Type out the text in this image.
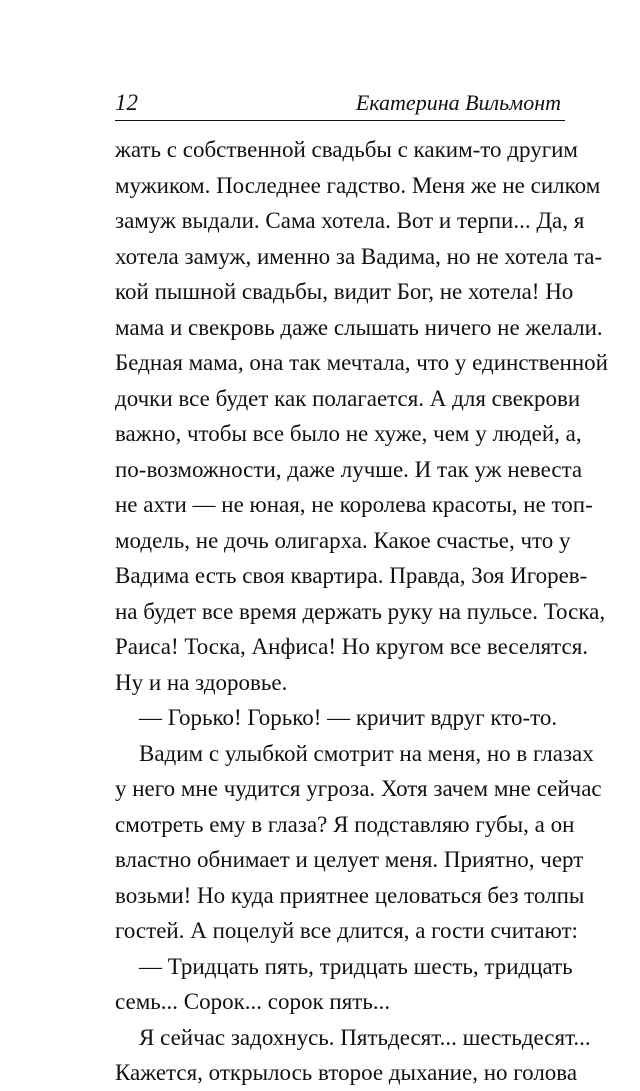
12	Екатерина Вильмонт
жать с собственной свадьбы с каким-то другим
мужиком. Последнее гадство. Меня же не силком
замуж выдали. Сама хотела. Вот и терпи... Да, я
хотела замуж, именно за Вадима, но не хотела та-
кой пышной свадьбы, видит Бог, не хотела! Но
мама и свекровь даже слышать ничего не желали.
Бедная мама, она так мечтала, что у единственной
дочки все будет как полагается. А для свекрови
важно, чтобы все было не хуже, чем у людей, а,
по-возможности, даже лучше. И так уж невеста
не ахти — не юная, не королева красоты, не топ-
модель, не дочь олигарха. Какое счастье, что у
Вадима есть своя квартира. Правда, Зоя Игорев-
на будет все время держать руку на пульсе. Тоска,
Раиса! Тоска, Анфиса! Но кругом все веселятся.
Ну и на здоровье.
— Горько! Горько! — кричит вдруг кто-то.
Вадим с улыбкой смотрит на меня, но в глазах
у него мне чудится угроза. Хотя зачем мне сейчас
смотреть ему в глаза? Я подставляю губы, а он
властно обнимает и целует меня. Приятно, черт
возьми! Но куда приятнее целоваться без толпы
гостей. А поцелуй все длится, а гости считают:
— Тридцать пять, тридцать шесть, тридцать
семь... Сорок... сорок пять...
Я сейчас задохнусь. Пятьдесят... шестьдесят...
Кажется, открылось второе дыхание, но голова
